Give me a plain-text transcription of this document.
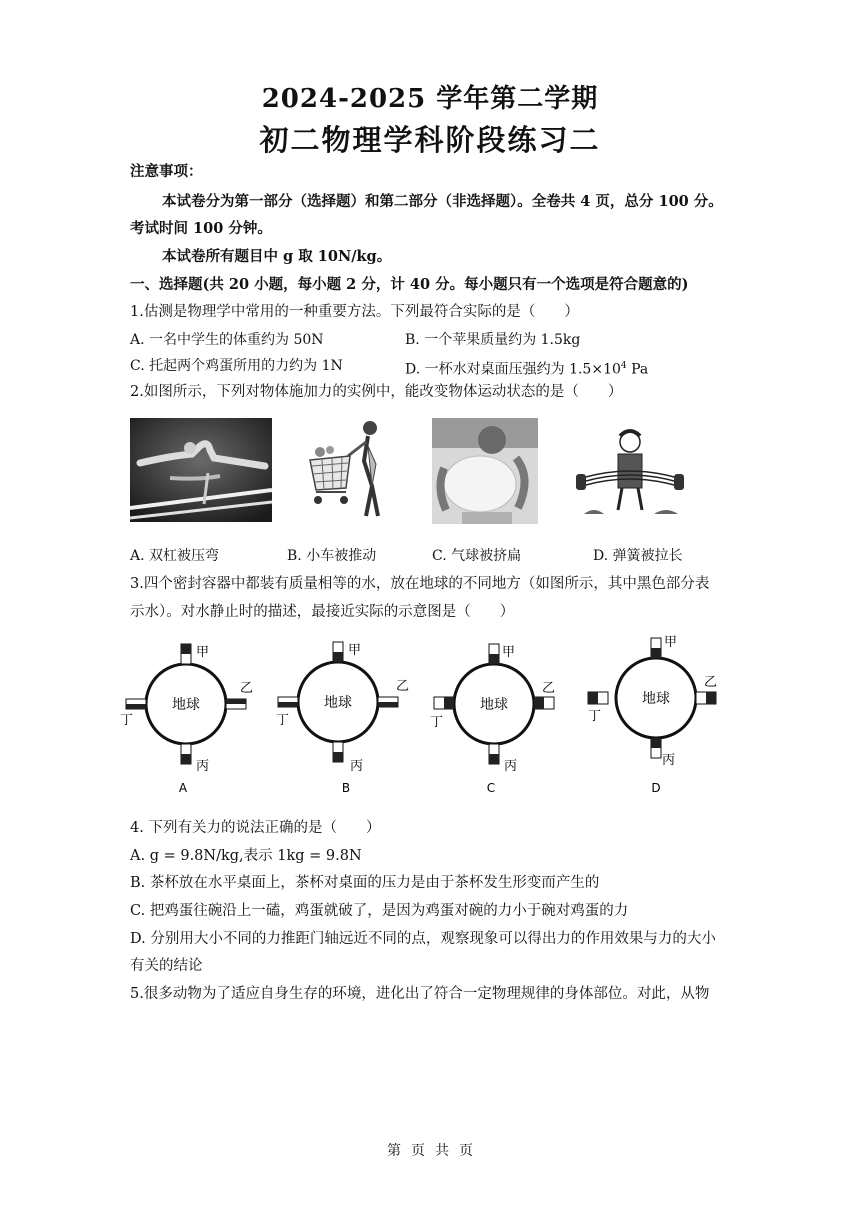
2024-2025 学年第二学期
初二物理学科阶段练习二
注意事项：
本试卷分为第一部分（选择题）和第二部分（非选择题）。全卷共 4 页，总分 100 分。
考试时间 100 分钟。
本试卷所有题目中 g 取 10N/kg。
一、选择题(共 20 小题，每小题 2 分，计 40 分。每小题只有一个选项是符合题意的)
1.估测是物理学中常用的一种重要方法。下列最符合实际的是（　　）
A. 一名中学生的体重约为 50N	B. 一个苹果质量约为 1.5kg
C. 托起两个鸡蛋所用的力约为 1N	D. 一杯水对桌面压强约为 $1.5\times 10^4$ Pa
2.如图所示，下列对物体施加力的实例中，能改变物体运动状态的是（　　）
A. 双杠被压弯	B. 小车被推动	C. 气球被挤扁	D. 弹簧被拉长
3.四个密封容器中都装有质量相等的水，放在地球的不同地方（如图所示，其中黑色部分表
示水）。对水静止时的描述，最接近实际的示意图是（　　）
地球
甲
乙
丙
丁
A
地球
甲
乙
丙
丁
B
地球
甲
乙
丙
丁
C
地球
甲
乙
丙
丁
D
4. 下列有关力的说法正确的是（　　）
A. g = 9.8N/kg,表示 1kg = 9.8N
B. 茶杯放在水平桌面上，茶杯对桌面的压力是由于茶杯发生形变而产生的
C. 把鸡蛋往碗沿上一磕，鸡蛋就破了，是因为鸡蛋对碗的力小于碗对鸡蛋的力
D. 分别用大小不同的力推距门轴远近不同的点，观察现象可以得出力的作用效果与力的大小
有关的结论
5.很多动物为了适应自身生存的环境，进化出了符合一定物理规律的身体部位。对此，从物
第 页 共 页
